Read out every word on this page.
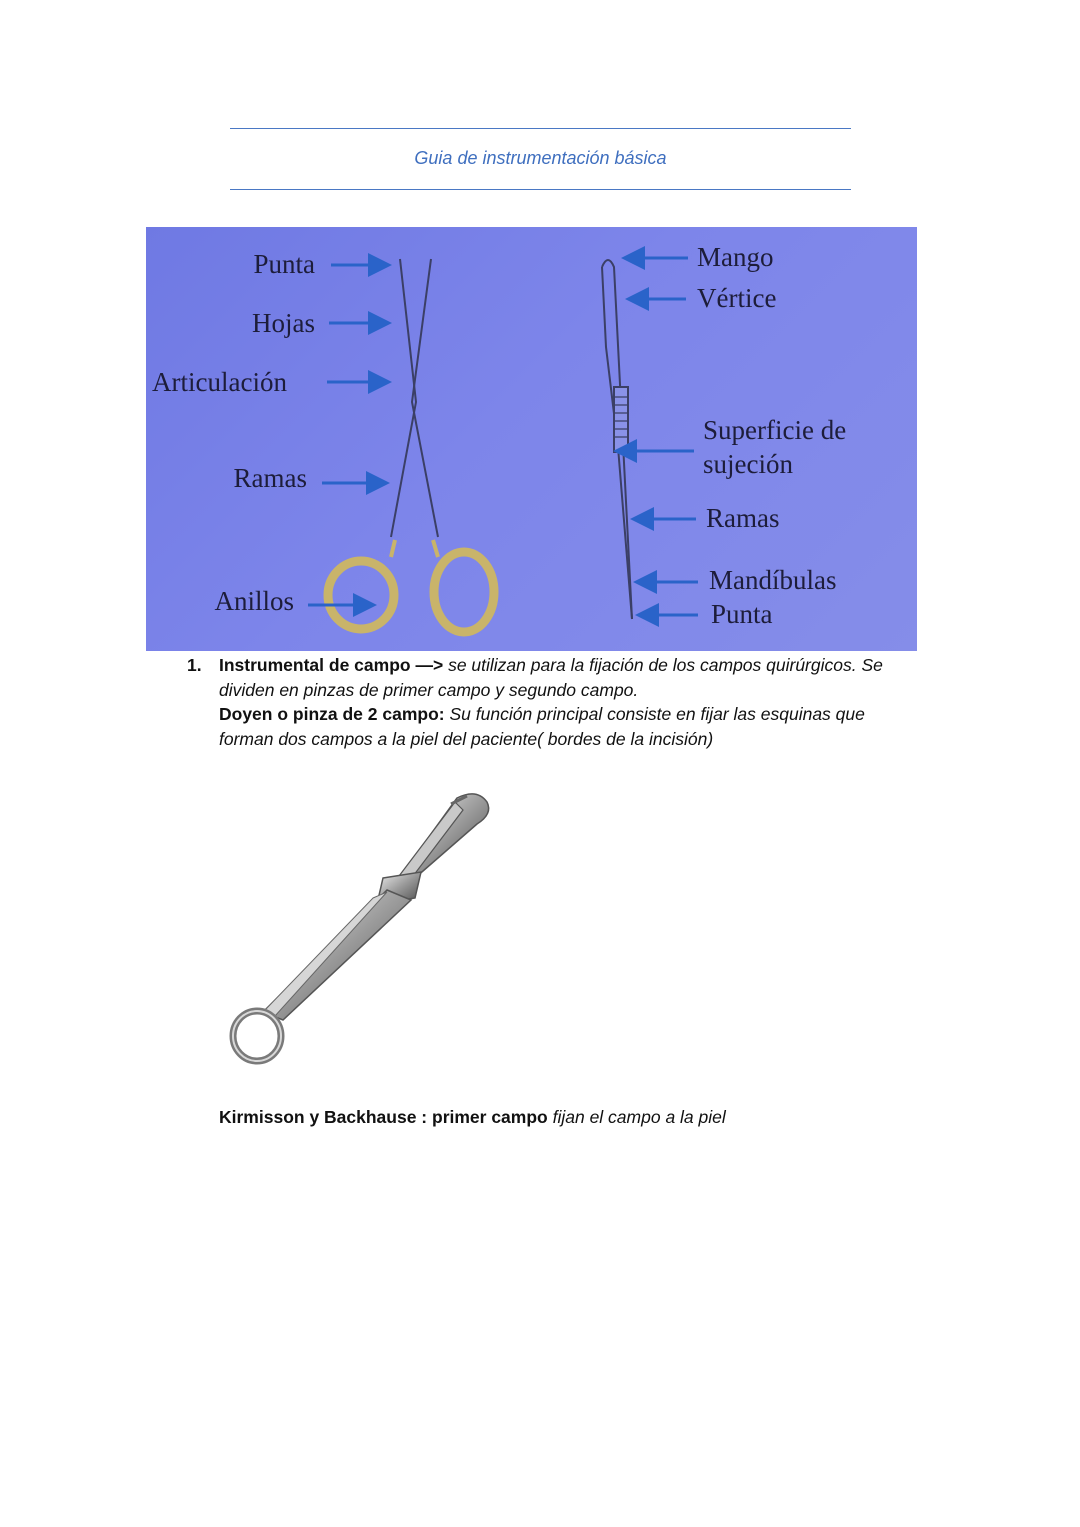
Guia de instrumentación básica
Punta
Hojas
Articulación
Ramas
Anillos
Mango
Vértice
Superficie de
sujeción
Ramas
Mandíbulas
Punta
1. Instrumental de campo —> se utilizan para la fijación de los campos quirúrgicos. Se
dividen en pinzas de primer campo y segundo campo.
Doyen o pinza de 2 campo: Su función principal consiste en fijar las esquinas que
forman dos campos a la piel del paciente( bordes de la incisión)
Kirmisson y Backhause : primer campo fijan el campo a la piel
